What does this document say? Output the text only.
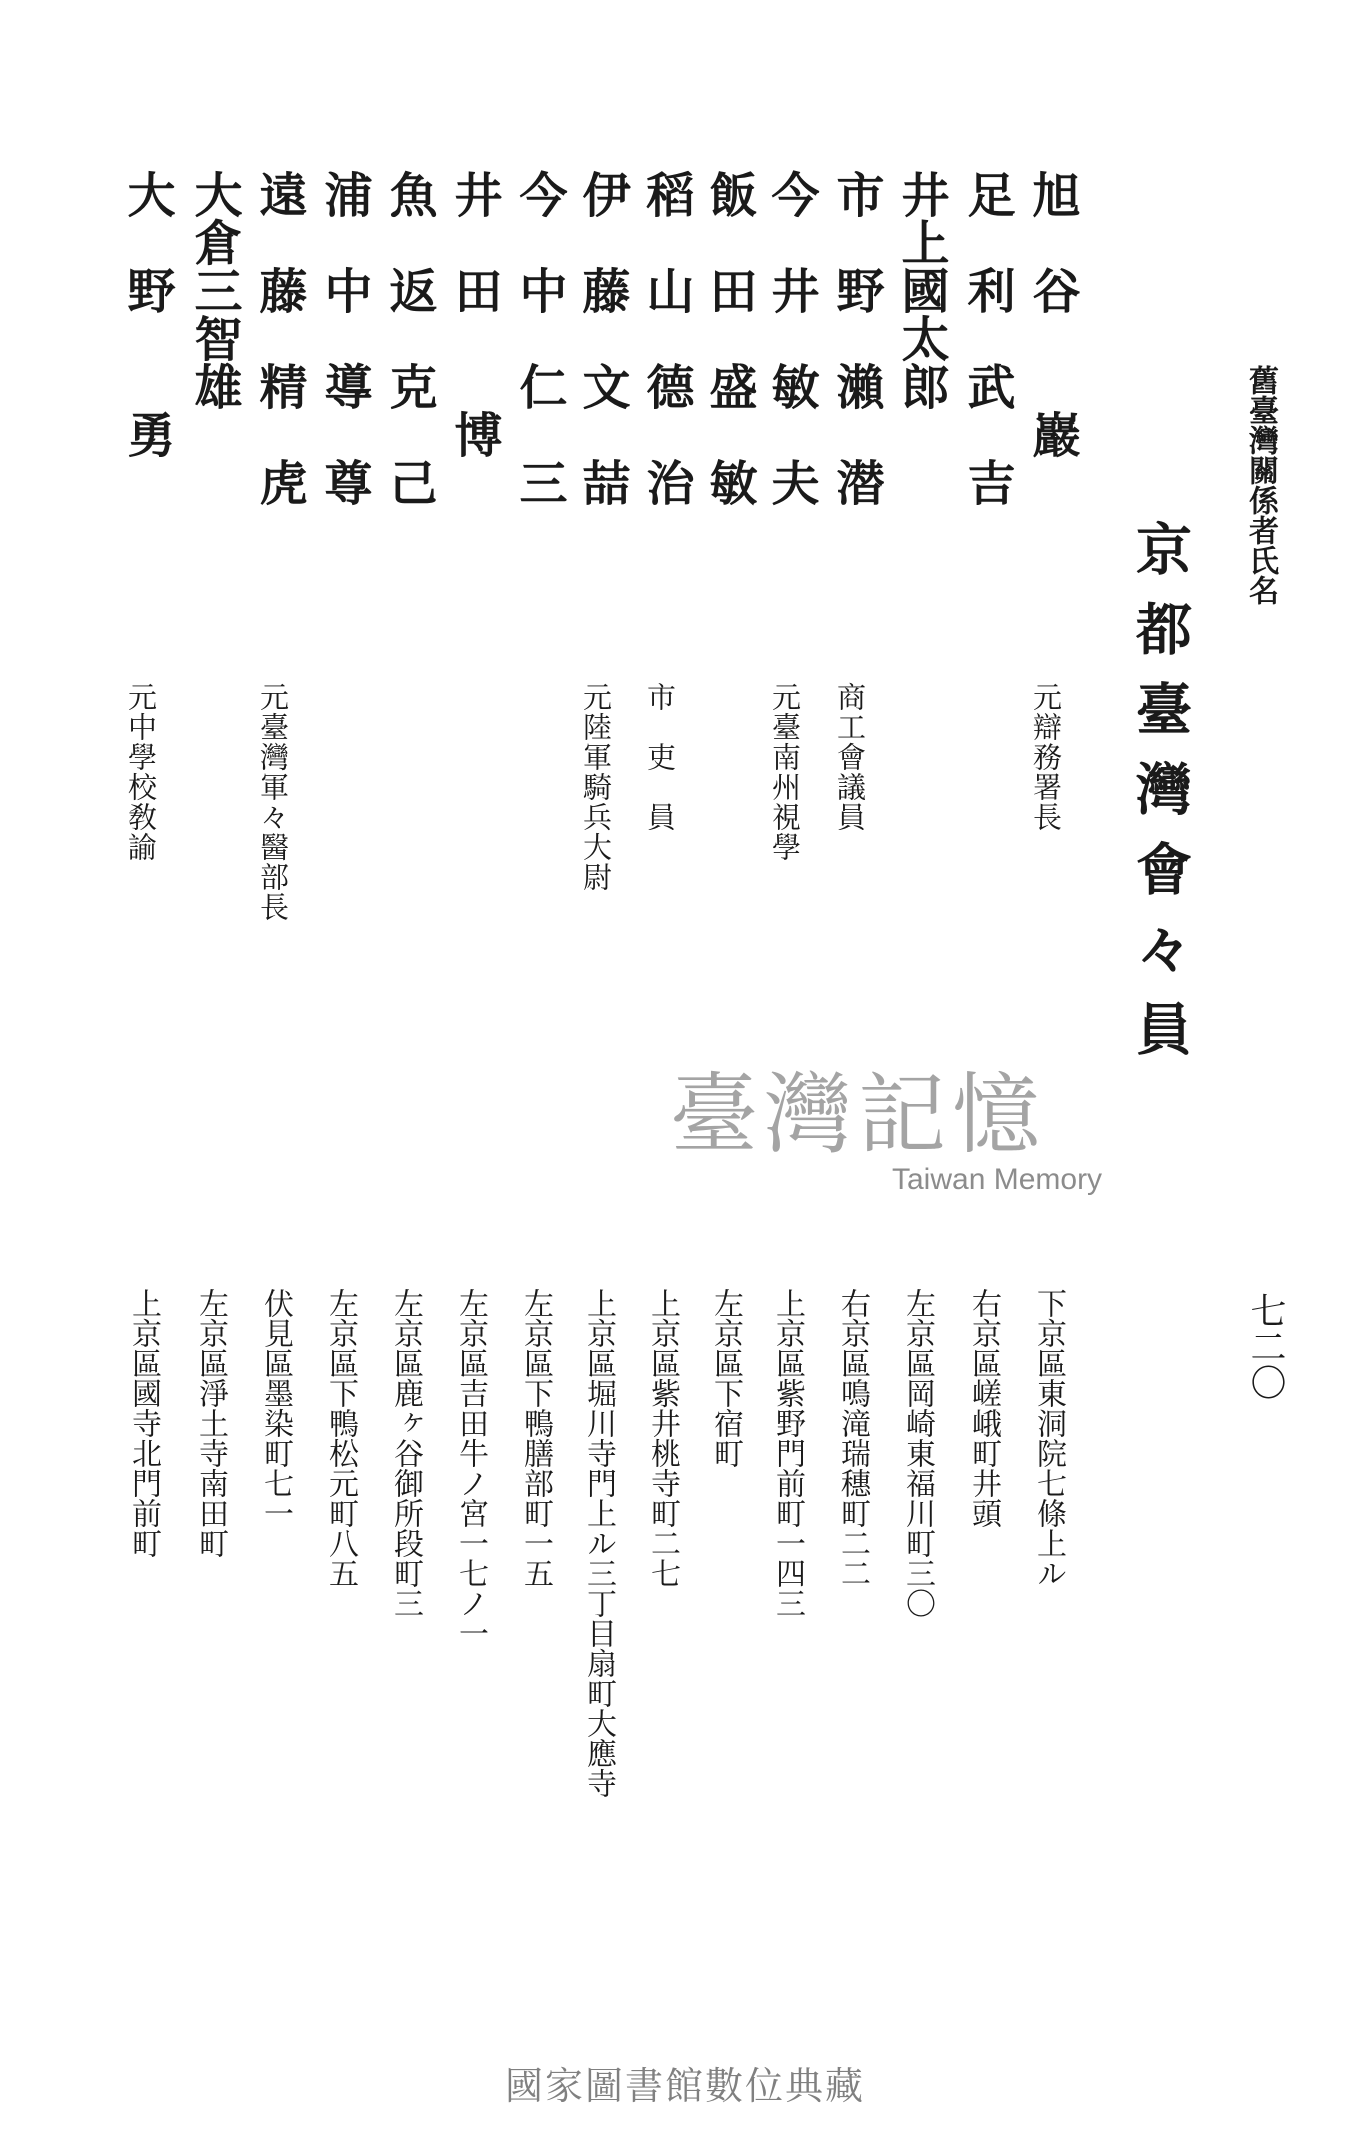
舊臺灣關係者氏名
七二〇
京都臺灣會々員
旭　谷　　巖
元辯務署長
下京區東洞院七條上ル
足　利　武　吉
右京區嵯峨町井頭
井上國太郎
左京區岡崎東福川町三〇
市　野　瀨　潜
商工會議員
右京區鳴滝瑞穗町二二
今　井　敏　夫
元臺南州視學
上京區紫野門前町一四三
飯　田　盛　敏
左京區下宿町
稻　山　德　治
市　吏　員
上京區紫井桃寺町二七
伊　藤　文　喆
元陸軍騎兵大尉
上京區堀川寺門上ル三丁目扇町大應寺
今　中　仁　三
左京區下鴨膳部町一五
井　田　　博
左京區吉田牛ノ宮一七ノ一
魚　返　克　己
左京區鹿ヶ谷御所段町三
浦　中　導　尊
左京區下鴨松元町八五
遠　藤　精　虎
元臺灣軍々醫部長
伏見區墨染町七一
大倉三智雄
左京區淨土寺南田町
大　野　　勇
元中學校敎諭
上京區國寺北門前町
臺灣記憶
Taiwan Memory
國家圖書館數位典藏
